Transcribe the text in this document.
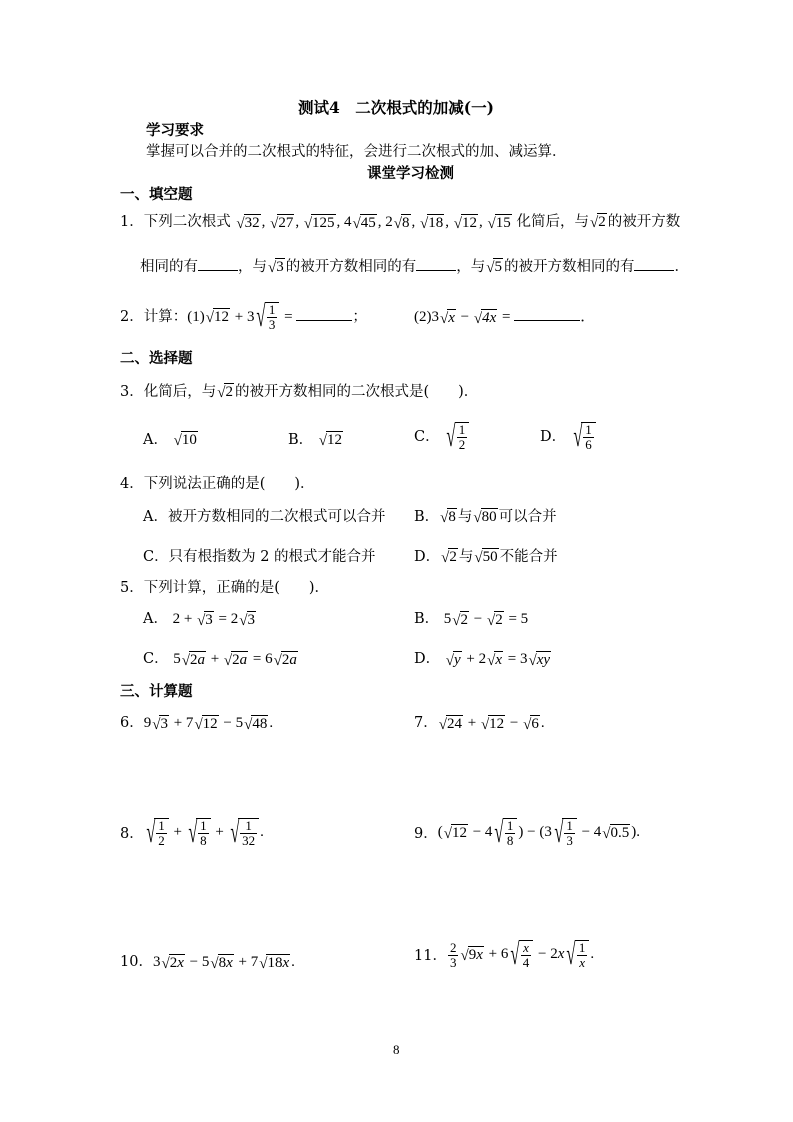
测试4　二次根式的加减(一)
学习要求
掌握可以合并的二次根式的特征，会进行二次根式的加、减运算．
课堂学习检测
一、填空题
1．下列二次根式 √ 32 , √ 27 , √ 125 , 4 √ 45 , 2 √ 8 , √ 18 , √ 12 , √ 15 化简后，与 √ 2 的被开方数
相同的有	，与 √ 3 的被开方数相同的有	，与 √ 5 的被开方数相同的有	．
2．计算：(1) √ 12 + 3 √ $\frac{1}{3}$ =	；	(2)3 √ x − √ 4x =	．
二、选择题
3．化简后，与 √ 2 的被开方数相同的二次根式是(　　)．
A． √ 10	B． √ 12	C． √ $\frac{1}{2}$	D． √ $\frac{1}{6}$
4．下列说法正确的是(　　)．
A．被开方数相同的二次根式可以合并 B． √ 8 与 √ 80 可以合并
C．只有根指数为 2 的根式才能合并	D． √ 2 与 √ 50 不能合并
5．下列计算，正确的是(　　)．
A． 2 + √ 3 = 2 √ 3	B． 5 √ 2 − √ 2 = 5
C． 5 √ 2a + √ 2a = 6 √ 2a	D． √ y + 2 √ x = 3 √ xy
三、计算题
6．9 √ 3 + 7 √ 12 − 5 √ 48 .	7． √ 24 + √ 12 − √ 6 .
8． √ $\frac{1}{2}$ + √ $\frac{1}{8}$ + √ $\frac{1}{32}$ .	9．( √ 12 − 4 √ $\frac{1}{8}$ ) − (3 √ $\frac{1}{3} - 4$ √ 0.5 ).
10．3 √ 2x − 5 √ 8x + 7 √ 18x .	11． $\frac{2}{3}$ √ 9x + 6 √ $\frac{x}{4} - 2x$ √ $\frac{1}{x}$ .
8
